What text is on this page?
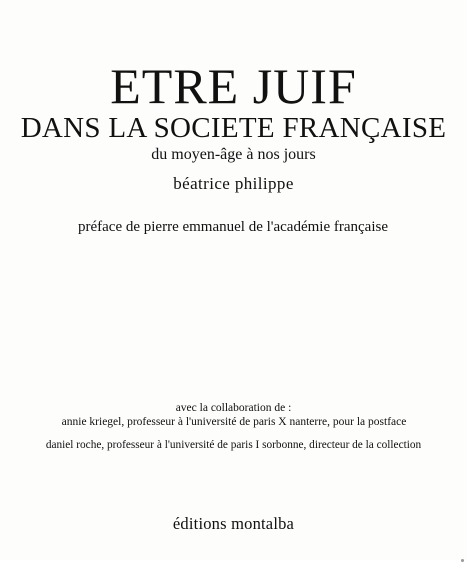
ETRE JUIF
DANS LA SOCIETE FRANÇAISE

du moyen-âge à nos jours

béatrice philippe

préface de pierre emmanuel de l'académie française

avec la collaboration de :

annie kriegel, professeur à l'université de paris X nanterre, pour la postface

daniel roche, professeur à l'université de paris I sorbonne, directeur de la collection

éditions montalba
